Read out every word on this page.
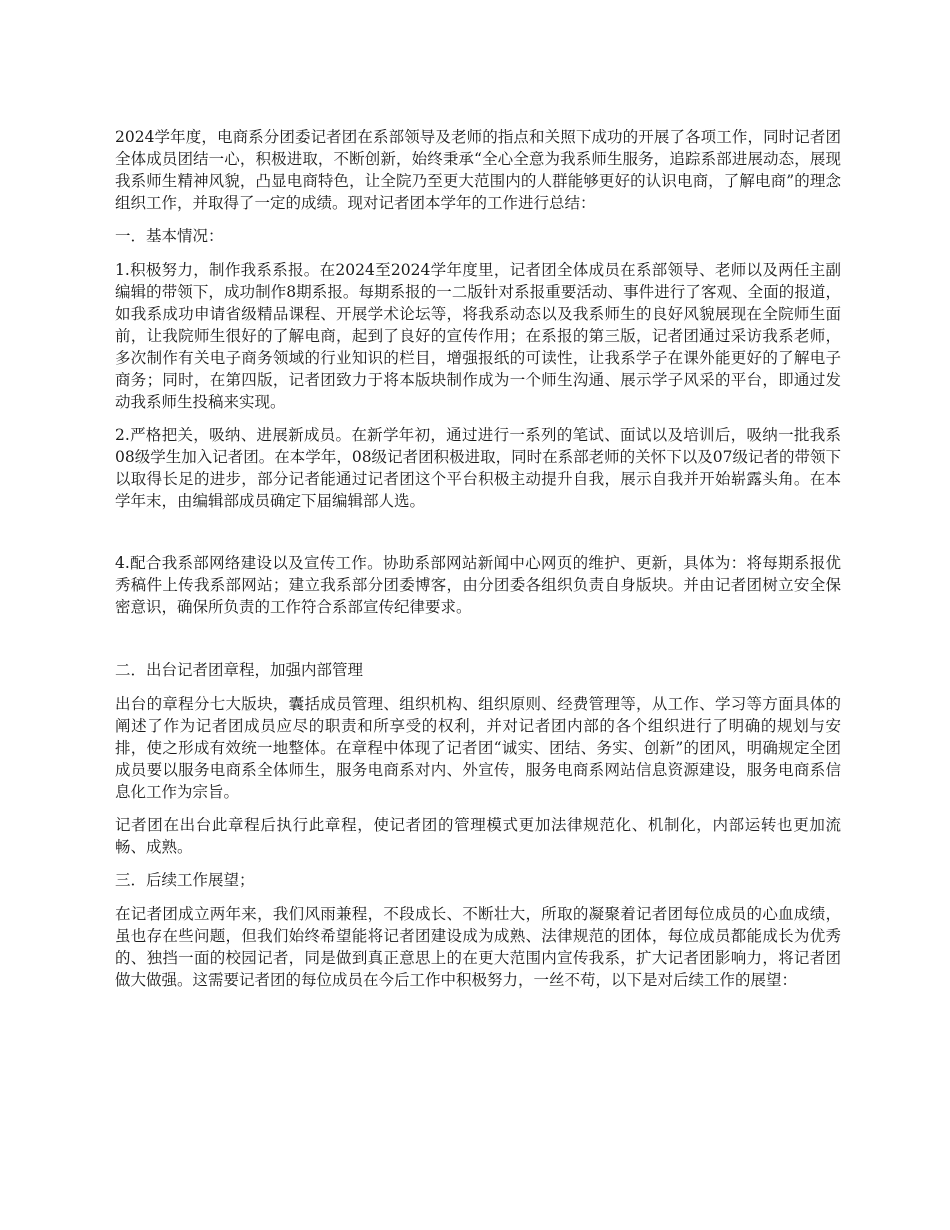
2024学年度，电商系分团委记者团在系部领导及老师的指点和关照下成功的开展了各项工作，同时记者团全体成员团结一心，积极进取，不断创新，始终秉承“全心全意为我系师生服务，追踪系部进展动态，展现我系师生精神风貌，凸显电商特色，让全院乃至更大范围内的人群能够更好的认识电商，了解电商”的理念组织工作，并取得了一定的成绩。现对记者团本学年的工作进行总结：

一．基本情况：

1.积极努力，制作我系系报。在2024至2024学年度里，记者团全体成员在系部领导、老师以及两任主副编辑的带领下，成功制作8期系报。每期系报的一二版针对系报重要活动、事件进行了客观、全面的报道，如我系成功申请省级精品课程、开展学术论坛等，将我系动态以及我系师生的良好风貌展现在全院师生面前，让我院师生很好的了解电商，起到了良好的宣传作用；在系报的第三版，记者团通过采访我系老师，多次制作有关电子商务领域的行业知识的栏目，增强报纸的可读性，让我系学子在课外能更好的了解电子商务；同时，在第四版，记者团致力于将本版块制作成为一个师生沟通、展示学子风采的平台，即通过发动我系师生投稿来实现。

2.严格把关，吸纳、进展新成员。在新学年初，通过进行一系列的笔试、面试以及培训后，吸纳一批我系08级学生加入记者团。在本学年，08级记者团积极进取，同时在系部老师的关怀下以及07级记者的带领下以取得长足的进步，部分记者能通过记者团这个平台积极主动提升自我，展示自我并开始崭露头角。在本学年末，由编辑部成员确定下届编辑部人选。

4.配合我系部网络建设以及宣传工作。协助系部网站新闻中心网页的维护、更新，具体为：将每期系报优秀稿件上传我系部网站；建立我系部分团委博客，由分团委各组织负责自身版块。并由记者团树立安全保密意识，确保所负责的工作符合系部宣传纪律要求。

二．出台记者团章程，加强内部管理

出台的章程分七大版块，囊括成员管理、组织机构、组织原则、经费管理等，从工作、学习等方面具体的阐述了作为记者团成员应尽的职责和所享受的权利，并对记者团内部的各个组织进行了明确的规划与安排，使之形成有效统一地整体。在章程中体现了记者团“诚实、团结、务实、创新”的团风，明确规定全团成员要以服务电商系全体师生，服务电商系对内、外宣传，服务电商系网站信息资源建设，服务电商系信息化工作为宗旨。

记者团在出台此章程后执行此章程，使记者团的管理模式更加法律规范化、机制化，内部运转也更加流畅、成熟。

三．后续工作展望；

在记者团成立两年来，我们风雨兼程，不段成长、不断壮大，所取的凝聚着记者团每位成员的心血成绩，虽也存在些问题，但我们始终希望能将记者团建设成为成熟、法律规范的团体，每位成员都能成长为优秀的、独挡一面的校园记者，同是做到真正意思上的在更大范围内宣传我系，扩大记者团影响力，将记者团做大做强。这需要记者团的每位成员在今后工作中积极努力，一丝不苟，以下是对后续工作的展望：
